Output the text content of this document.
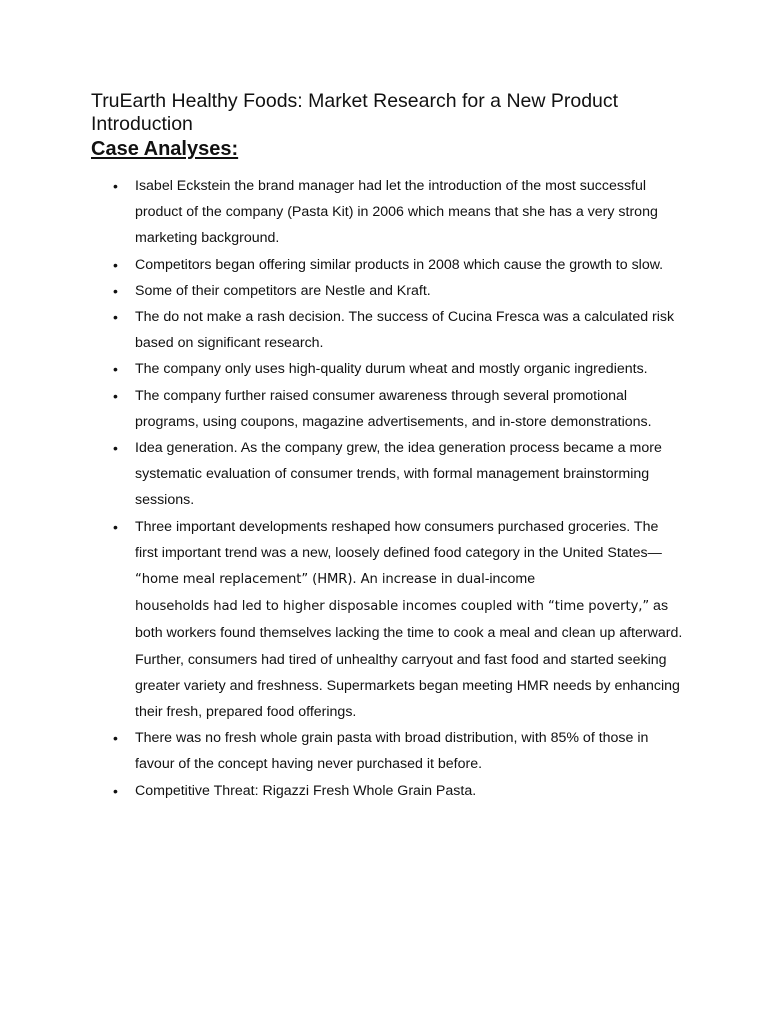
TruEarth Healthy Foods: Market Research for a New Product Introduction
Case Analyses:
• Isabel Eckstein the brand manager had let the introduction of the most successful product of the company (Pasta Kit) in 2006 which means that she has a very strong marketing background.
• Competitors began offering similar products in 2008 which cause the growth to slow.
• Some of their competitors are Nestle and Kraft.
• The do not make a rash decision. The success of Cucina Fresca was a calculated risk based on significant research.
• The company only uses high-quality durum wheat and mostly organic ingredients.
• The company further raised consumer awareness through several promotional programs, using coupons, magazine advertisements, and in-store demonstrations.
• Idea generation. As the company grew, the idea generation process became a more systematic evaluation of consumer trends, with formal management brainstorming sessions.
• Three important developments reshaped how consumers purchased groceries. The first important trend was a new, loosely defined food category in the United States— “home meal replacement” (HMR). An increase in dual-income
households had led to higher disposable incomes coupled with “time poverty,” as both workers found themselves lacking the time to cook a meal and clean up afterward. Further, consumers had tired of unhealthy carryout and fast food and started seeking greater variety and freshness. Supermarkets began meeting HMR needs by enhancing their fresh, prepared food offerings.
• There was no fresh whole grain pasta with broad distribution, with 85% of those in favour of the concept having never purchased it before.
• Competitive Threat: Rigazzi Fresh Whole Grain Pasta.
